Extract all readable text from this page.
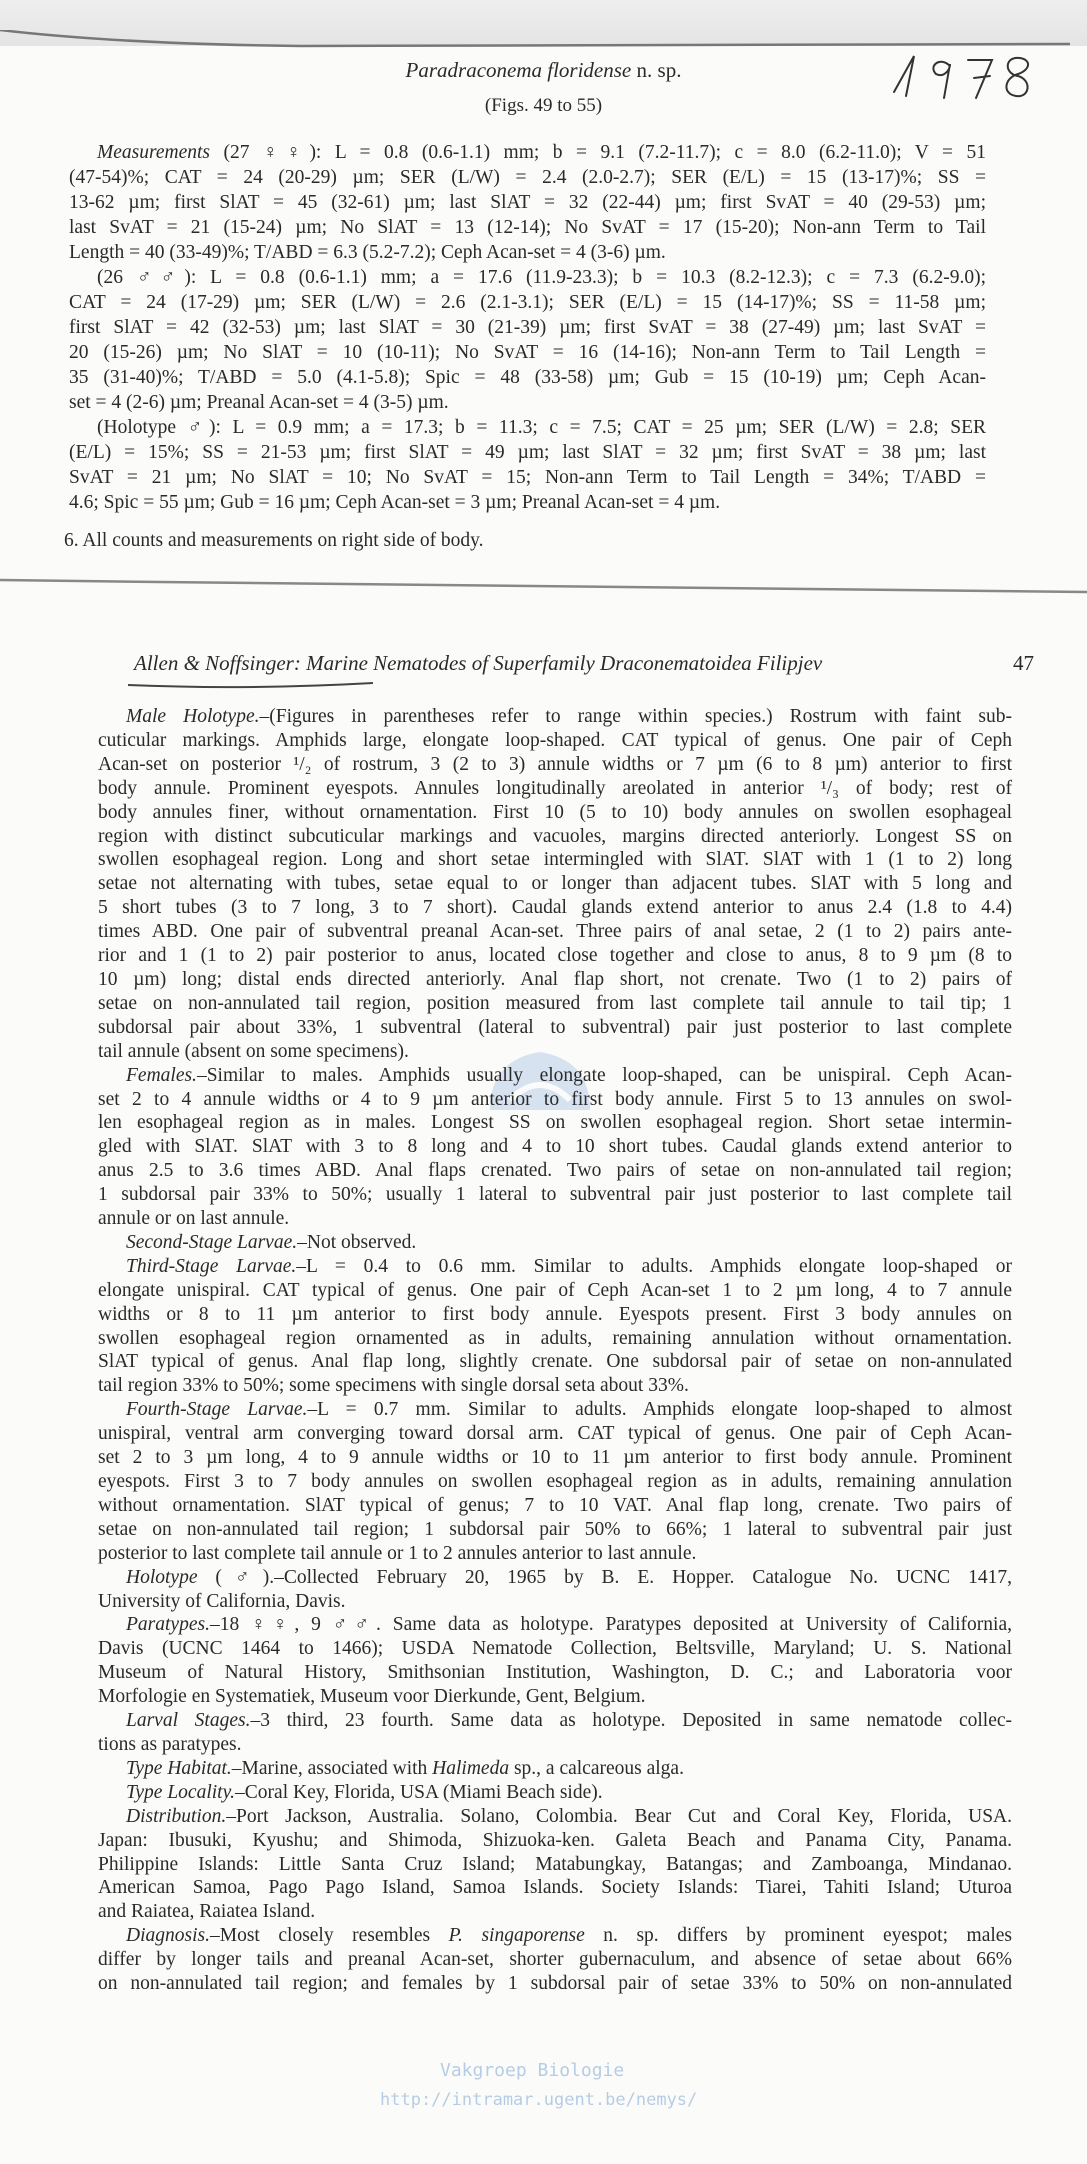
Paradraconema floridense n. sp.
(Figs. 49 to 55)
Measurements (27 ♀♀): L = 0.8 (0.6-1.1) mm; b = 9.1 (7.2-11.7); c = 8.0 (6.2-11.0); V = 51
(47-54)%; CAT = 24 (20-29) µm; SER (L/W) = 2.4 (2.0-2.7); SER (E/L) = 15 (13-17)%; SS =
13-62 µm; first SlAT = 45 (32-61) µm; last SlAT = 32 (22-44) µm; first SvAT = 40 (29-53) µm;
last SvAT = 21 (15-24) µm; No SlAT = 13 (12-14); No SvAT = 17 (15-20); Non-ann Term to Tail
Length = 40 (33-49)%; T/ABD = 6.3 (5.2-7.2); Ceph Acan-set = 4 (3-6) µm.
(26 ♂♂): L = 0.8 (0.6-1.1) mm; a = 17.6 (11.9-23.3); b = 10.3 (8.2-12.3); c = 7.3 (6.2-9.0);
CAT = 24 (17-29) µm; SER (L/W) = 2.6 (2.1-3.1); SER (E/L) = 15 (14-17)%; SS = 11-58 µm;
first SlAT = 42 (32-53) µm; last SlAT = 30 (21-39) µm; first SvAT = 38 (27-49) µm; last SvAT =
20 (15-26) µm; No SlAT = 10 (10-11); No SvAT = 16 (14-16); Non-ann Term to Tail Length =
35 (31-40)%; T/ABD = 5.0 (4.1-5.8); Spic = 48 (33-58) µm; Gub = 15 (10-19) µm; Ceph Acan-
set = 4 (2-6) µm; Preanal Acan-set = 4 (3-5) µm.
(Holotype ♂): L = 0.9 mm; a = 17.3; b = 11.3; c = 7.5; CAT = 25 µm; SER (L/W) = 2.8; SER
(E/L) = 15%; SS = 21-53 µm; first SlAT = 49 µm; last SlAT = 32 µm; first SvAT = 38 µm; last
SvAT = 21 µm; No SlAT = 10; No SvAT = 15; Non-ann Term to Tail Length = 34%; T/ABD =
4.6; Spic = 55 µm; Gub = 16 µm; Ceph Acan-set = 3 µm; Preanal Acan-set = 4 µm.
6. All counts and measurements on right side of body.
Allen & Noffsinger: Marine Nematodes of Superfamily Draconematoidea Filipjev	47
Vakgroep Biologie
http://intramar.ugent.be/nemys/
Male Holotype.–(Figures in parentheses refer to range within species.) Rostrum with faint sub-
cuticular markings. Amphids large, elongate loop-shaped. CAT typical of genus. One pair of Ceph
Acan-set on posterior ¹/₂ of rostrum, 3 (2 to 3) annule widths or 7 µm (6 to 8 µm) anterior to first
body annule. Prominent eyespots. Annules longitudinally areolated in anterior ¹/₃ of body; rest of
body annules finer, without ornamentation. First 10 (5 to 10) body annules on swollen esophageal
region with distinct subcuticular markings and vacuoles, margins directed anteriorly. Longest SS on
swollen esophageal region. Long and short setae intermingled with SlAT. SlAT with 1 (1 to 2) long
setae not alternating with tubes, setae equal to or longer than adjacent tubes. SlAT with 5 long and
5 short tubes (3 to 7 long, 3 to 7 short). Caudal glands extend anterior to anus 2.4 (1.8 to 4.4)
times ABD. One pair of subventral preanal Acan-set. Three pairs of anal setae, 2 (1 to 2) pairs ante-
rior and 1 (1 to 2) pair posterior to anus, located close together and close to anus, 8 to 9 µm (8 to
10 µm) long; distal ends directed anteriorly. Anal flap short, not crenate. Two (1 to 2) pairs of
setae on non-annulated tail region, position measured from last complete tail annule to tail tip; 1
subdorsal pair about 33%, 1 subventral (lateral to subventral) pair just posterior to last complete
tail annule (absent on some specimens).
Females.–Similar to males. Amphids usually elongate loop-shaped, can be unispiral. Ceph Acan-
set 2 to 4 annule widths or 4 to 9 µm anterior to first body annule. First 5 to 13 annules on swol-
len esophageal region as in males. Longest SS on swollen esophageal region. Short setae intermin-
gled with SlAT. SlAT with 3 to 8 long and 4 to 10 short tubes. Caudal glands extend anterior to
anus 2.5 to 3.6 times ABD. Anal flaps crenated. Two pairs of setae on non-annulated tail region;
1 subdorsal pair 33% to 50%; usually 1 lateral to subventral pair just posterior to last complete tail
annule or on last annule.
Second-Stage Larvae.–Not observed.
Third-Stage Larvae.–L = 0.4 to 0.6 mm. Similar to adults. Amphids elongate loop-shaped or
elongate unispiral. CAT typical of genus. One pair of Ceph Acan-set 1 to 2 µm long, 4 to 7 annule
widths or 8 to 11 µm anterior to first body annule. Eyespots present. First 3 body annules on
swollen esophageal region ornamented as in adults, remaining annulation without ornamentation.
SlAT typical of genus. Anal flap long, slightly crenate. One subdorsal pair of setae on non-annulated
tail region 33% to 50%; some specimens with single dorsal seta about 33%.
Fourth-Stage Larvae.–L = 0.7 mm. Similar to adults. Amphids elongate loop-shaped to almost
unispiral, ventral arm converging toward dorsal arm. CAT typical of genus. One pair of Ceph Acan-
set 2 to 3 µm long, 4 to 9 annule widths or 10 to 11 µm anterior to first body annule. Prominent
eyespots. First 3 to 7 body annules on swollen esophageal region as in adults, remaining annulation
without ornamentation. SlAT typical of genus; 7 to 10 VAT. Anal flap long, crenate. Two pairs of
setae on non-annulated tail region; 1 subdorsal pair 50% to 66%; 1 lateral to subventral pair just
posterior to last complete tail annule or 1 to 2 annules anterior to last annule.
Holotype (♂).–Collected February 20, 1965 by B. E. Hopper. Catalogue No. UCNC 1417,
University of California, Davis.
Paratypes.–18 ♀♀, 9 ♂♂. Same data as holotype. Paratypes deposited at University of California,
Davis (UCNC 1464 to 1466); USDA Nematode Collection, Beltsville, Maryland; U. S. National
Museum of Natural History, Smithsonian Institution, Washington, D. C.; and Laboratoria voor
Morfologie en Systematiek, Museum voor Dierkunde, Gent, Belgium.
Larval Stages.–3 third, 23 fourth. Same data as holotype. Deposited in same nematode collec-
tions as paratypes.
Type Habitat.–Marine, associated with Halimeda sp., a calcareous alga.
Type Locality.–Coral Key, Florida, USA (Miami Beach side).
Distribution.–Port Jackson, Australia. Solano, Colombia. Bear Cut and Coral Key, Florida, USA.
Japan: Ibusuki, Kyushu; and Shimoda, Shizuoka-ken. Galeta Beach and Panama City, Panama.
Philippine Islands: Little Santa Cruz Island; Matabungkay, Batangas; and Zamboanga, Mindanao.
American Samoa, Pago Pago Island, Samoa Islands. Society Islands: Tiarei, Tahiti Island; Uturoa
and Raiatea, Raiatea Island.
Diagnosis.–Most closely resembles P. singaporense n. sp. differs by prominent eyespot; males
differ by longer tails and preanal Acan-set, shorter gubernaculum, and absence of setae about 66%
on non-annulated tail region; and females by 1 subdorsal pair of setae 33% to 50% on non-annulated
